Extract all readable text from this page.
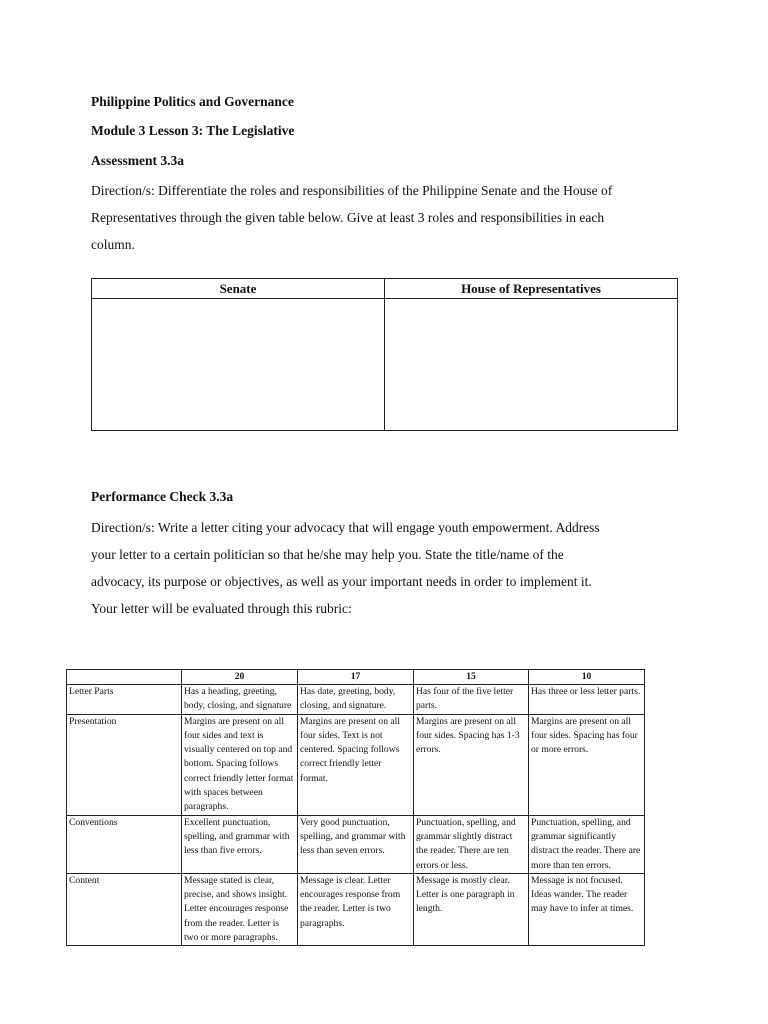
Philippine Politics and Governance
Module 3 Lesson 3: The Legislative
Assessment 3.3a
Direction/s: Differentiate the roles and responsibilities of the Philippine Senate and the House of
Representatives through the given table below. Give at least 3 roles and responsibilities in each
column.
Senate	House of Representatives

Performance Check 3.3a
Direction/s: Write a letter citing your advocacy that will engage youth empowerment. Address
your letter to a certain politician so that he/she may help you. State the title/name of the
advocacy, its purpose or objectives, as well as your important needs in order to implement it.
Your letter will be evaluated through this rubric:
	20	17	15	10
Letter Parts	Has a heading, greeting, body, closing, and signature	Has date, greeting, body, closing, and signature.	Has four of the five letter parts.	Has three or less letter parts.
Presentation	Margins are present on all four sides and text is visually centered on top and bottom. Spacing follows correct friendly letter format with spaces between paragraphs.	Margins are present on all four sides. Text is not centered. Spacing follows correct friendly letter format.	Margins are present on all four sides. Spacing has 1-3 errors.	Margins are present on all four sides. Spacing has four or more errors.
Conventions	Excellent punctuation, spelling, and grammar with less than five errors.	Very good punctuation, spelling, and grammar with less than seven errors.	Punctuation, spelling, and grammar slightly distract the reader. There are ten errors or less.	Punctuation, spelling, and grammar significantly distract the reader. There are more than ten errors.
Content	Message stated is clear, precise, and shows insight. Letter encourages response from the reader. Letter is two or more paragraphs.	Message is clear. Letter encourages response from the reader. Letter is two paragraphs.	Message is mostly clear. Letter is one paragraph in length.	Message is not focused. Ideas wander. The reader may have to infer at times.
